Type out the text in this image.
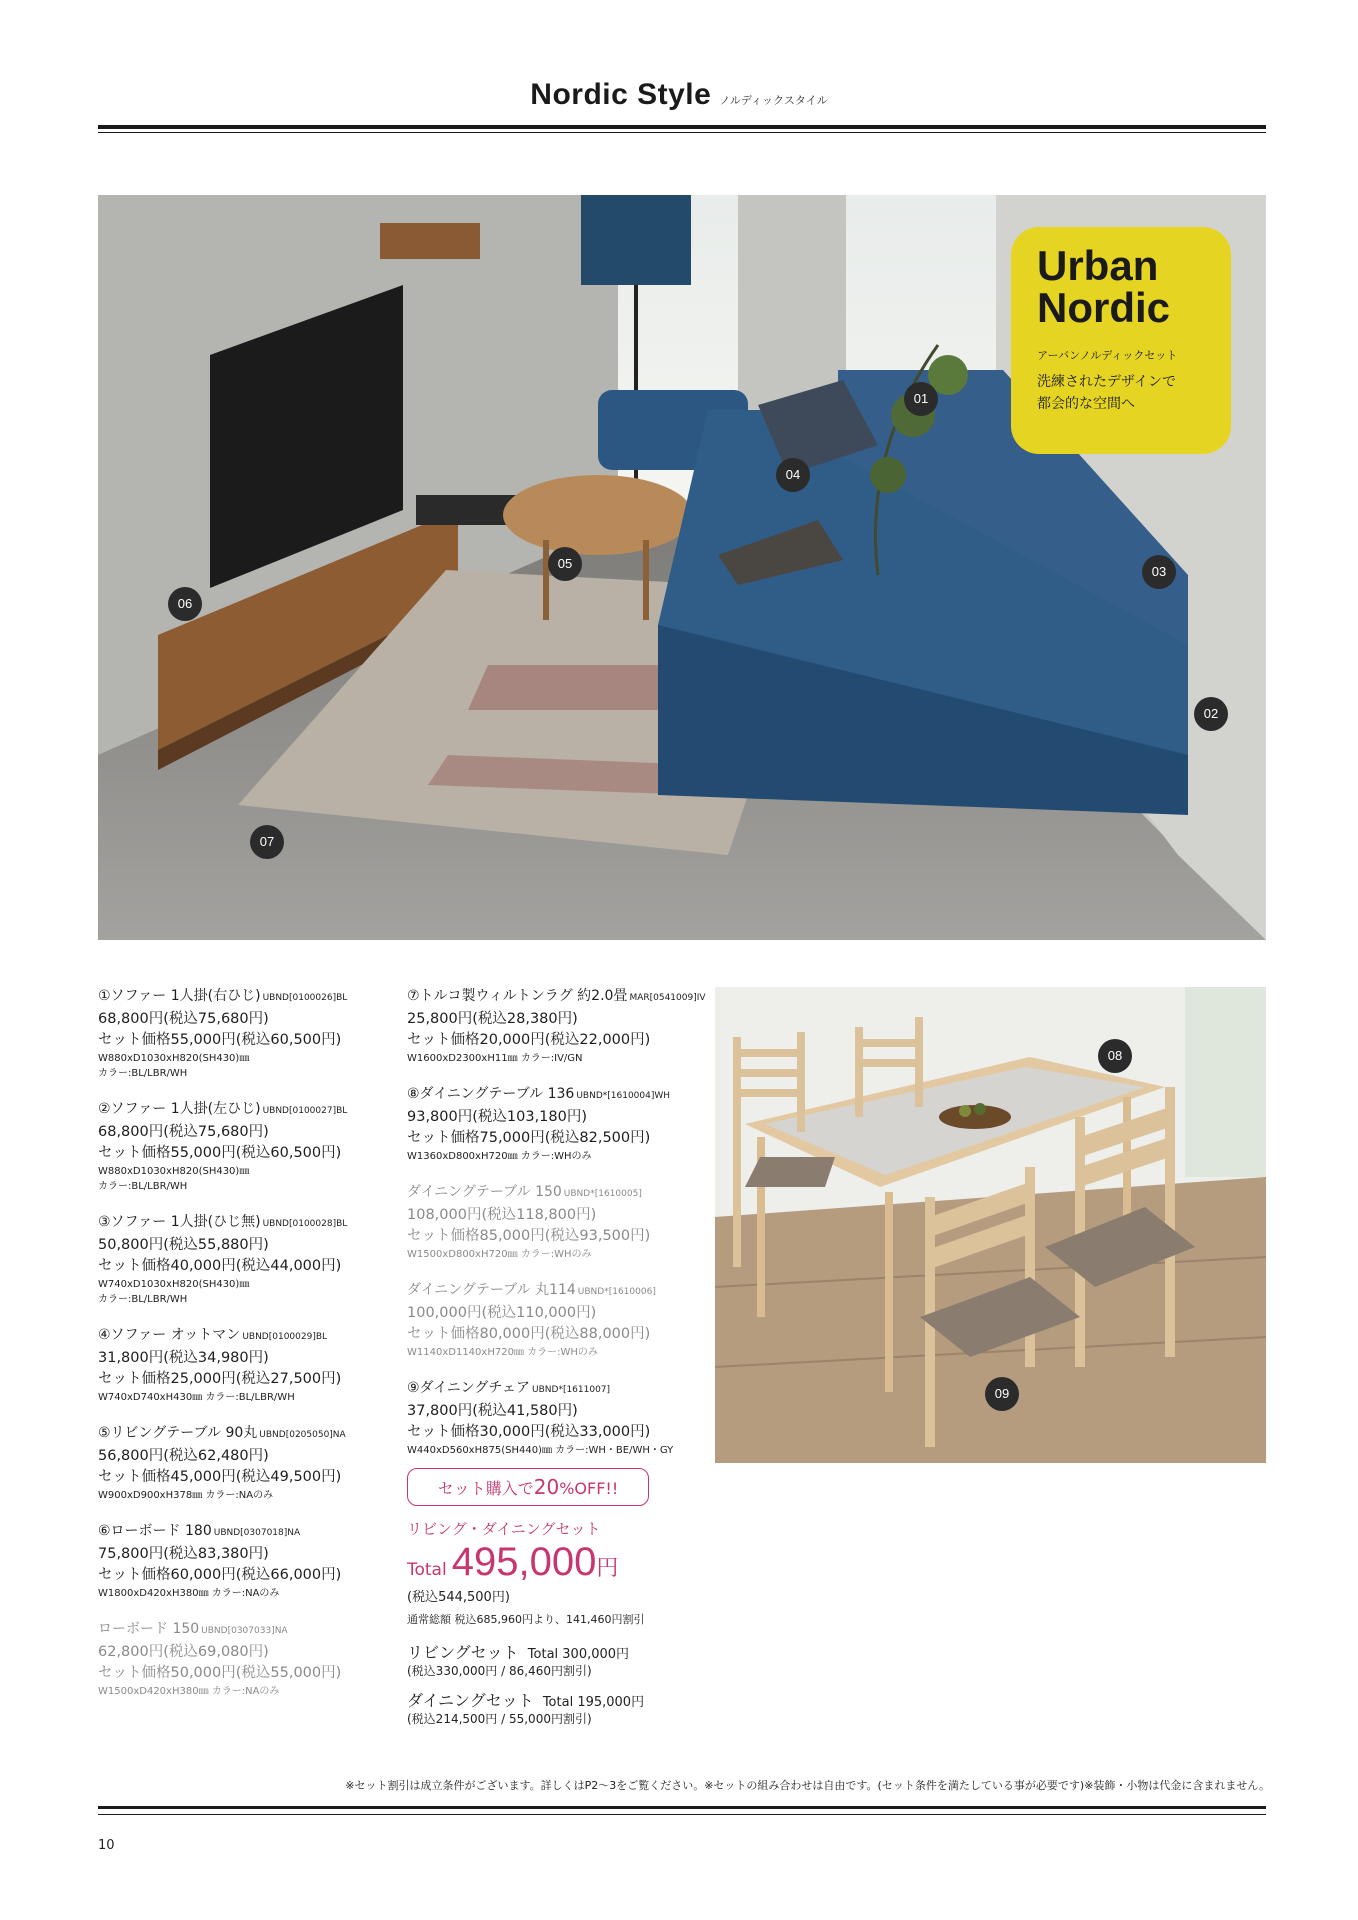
Nordic Style ノルディックスタイル
01
02
03
04
05
06
07
Urban
Nordic
アーバンノルディックセット
洗練されたデザインで
都会的な空間へ
①ソファー 1人掛(右ひじ) UBND[0100026]BL
68,800円(税込75,680円)
セット価格55,000円(税込60,500円)
W880xD1030xH820(SH430)㎜
カラー:BL/LBR/WH
②ソファー 1人掛(左ひじ) UBND[0100027]BL
68,800円(税込75,680円)
セット価格55,000円(税込60,500円)
W880xD1030xH820(SH430)㎜
カラー:BL/LBR/WH
③ソファー 1人掛(ひじ無) UBND[0100028]BL
50,800円(税込55,880円)
セット価格40,000円(税込44,000円)
W740xD1030xH820(SH430)㎜
カラー:BL/LBR/WH
④ソファー オットマン UBND[0100029]BL
31,800円(税込34,980円)
セット価格25,000円(税込27,500円)
W740xD740xH430㎜ カラー:BL/LBR/WH
⑤リビングテーブル 90丸 UBND[0205050]NA
56,800円(税込62,480円)
セット価格45,000円(税込49,500円)
W900xD900xH378㎜ カラー:NAのみ
⑥ローボード 180 UBND[0307018]NA
75,800円(税込83,380円)
セット価格60,000円(税込66,000円)
W1800xD420xH380㎜ カラー:NAのみ
ローボード 150 UBND[0307033]NA
62,800円(税込69,080円)
セット価格50,000円(税込55,000円)
W1500xD420xH380㎜ カラー:NAのみ
⑦トルコ製ウィルトンラグ 約2.0畳 MAR[0541009]IV
25,800円(税込28,380円)
セット価格20,000円(税込22,000円)
W1600xD2300xH11㎜ カラー:IV/GN
⑧ダイニングテーブル 136 UBND*[1610004]WH
93,800円(税込103,180円)
セット価格75,000円(税込82,500円)
W1360xD800xH720㎜ カラー:WHのみ
ダイニングテーブル 150 UBND*[1610005]
108,000円(税込118,800円)
セット価格85,000円(税込93,500円)
W1500xD800xH720㎜ カラー:WHのみ
ダイニングテーブル 丸114 UBND*[1610006]
100,000円(税込110,000円)
セット価格80,000円(税込88,000円)
W1140xD1140xH720㎜ カラー:WHのみ
⑨ダイニングチェア UBND*[1611007]
37,800円(税込41,580円)
セット価格30,000円(税込33,000円)
W440xD560xH875(SH440)㎜ カラー:WH・BE/WH・GY
セット購入で20%OFF!!
リビング・ダイニングセット
Total 495,000円
(税込544,500円)
通常総額 税込685,960円より、141,460円割引
リビングセット Total 300,000円
(税込330,000円 / 86,460円割引)
ダイニングセット Total 195,000円
(税込214,500円 / 55,000円割引)
08
09
※セット割引は成立条件がございます。詳しくはP2〜3をご覧ください。※セットの組み合わせは自由です。(セット条件を満たしている事が必要です)※装飾・小物は代金に含まれません。
10
